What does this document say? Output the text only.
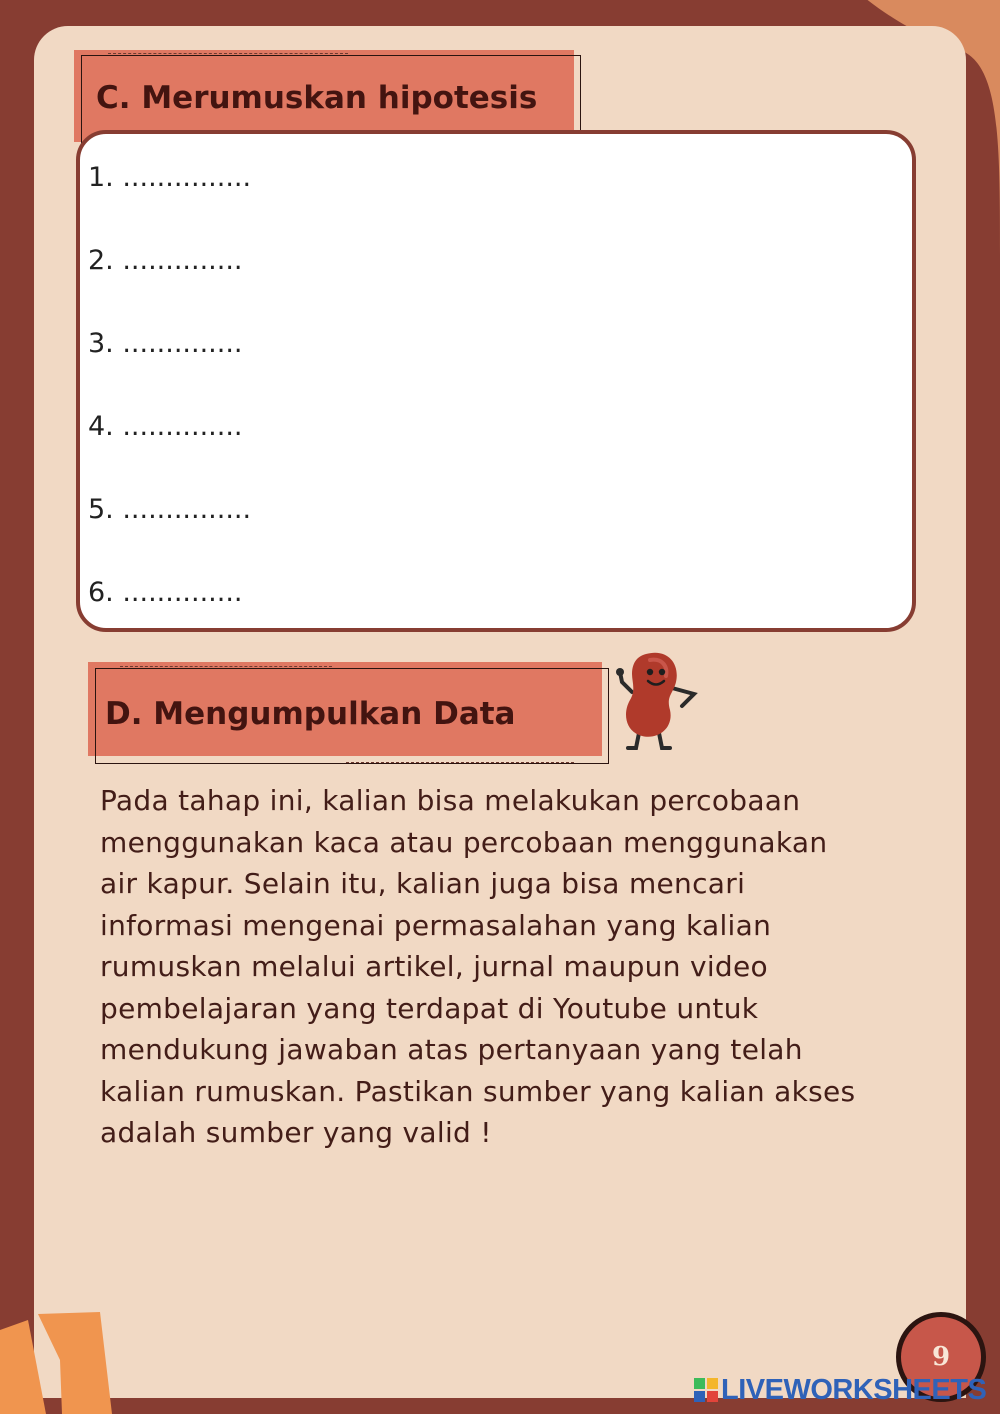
C. Merumuskan hipotesis
1. ...............
2. ..............
3. ..............
4. ..............
5. ...............
6. ..............
D. Mengumpulkan Data
Pada tahap ini, kalian bisa melakukan percobaan
menggunakan kaca atau percobaan menggunakan
air kapur. Selain itu, kalian juga bisa mencari
informasi mengenai permasalahan yang kalian
rumuskan melalui artikel, jurnal maupun video
pembelajaran yang terdapat di Youtube untuk
mendukung jawaban atas pertanyaan yang telah
kalian rumuskan. Pastikan sumber yang kalian akses
adalah sumber yang valid !
9
LIVEWORKSHEETS
